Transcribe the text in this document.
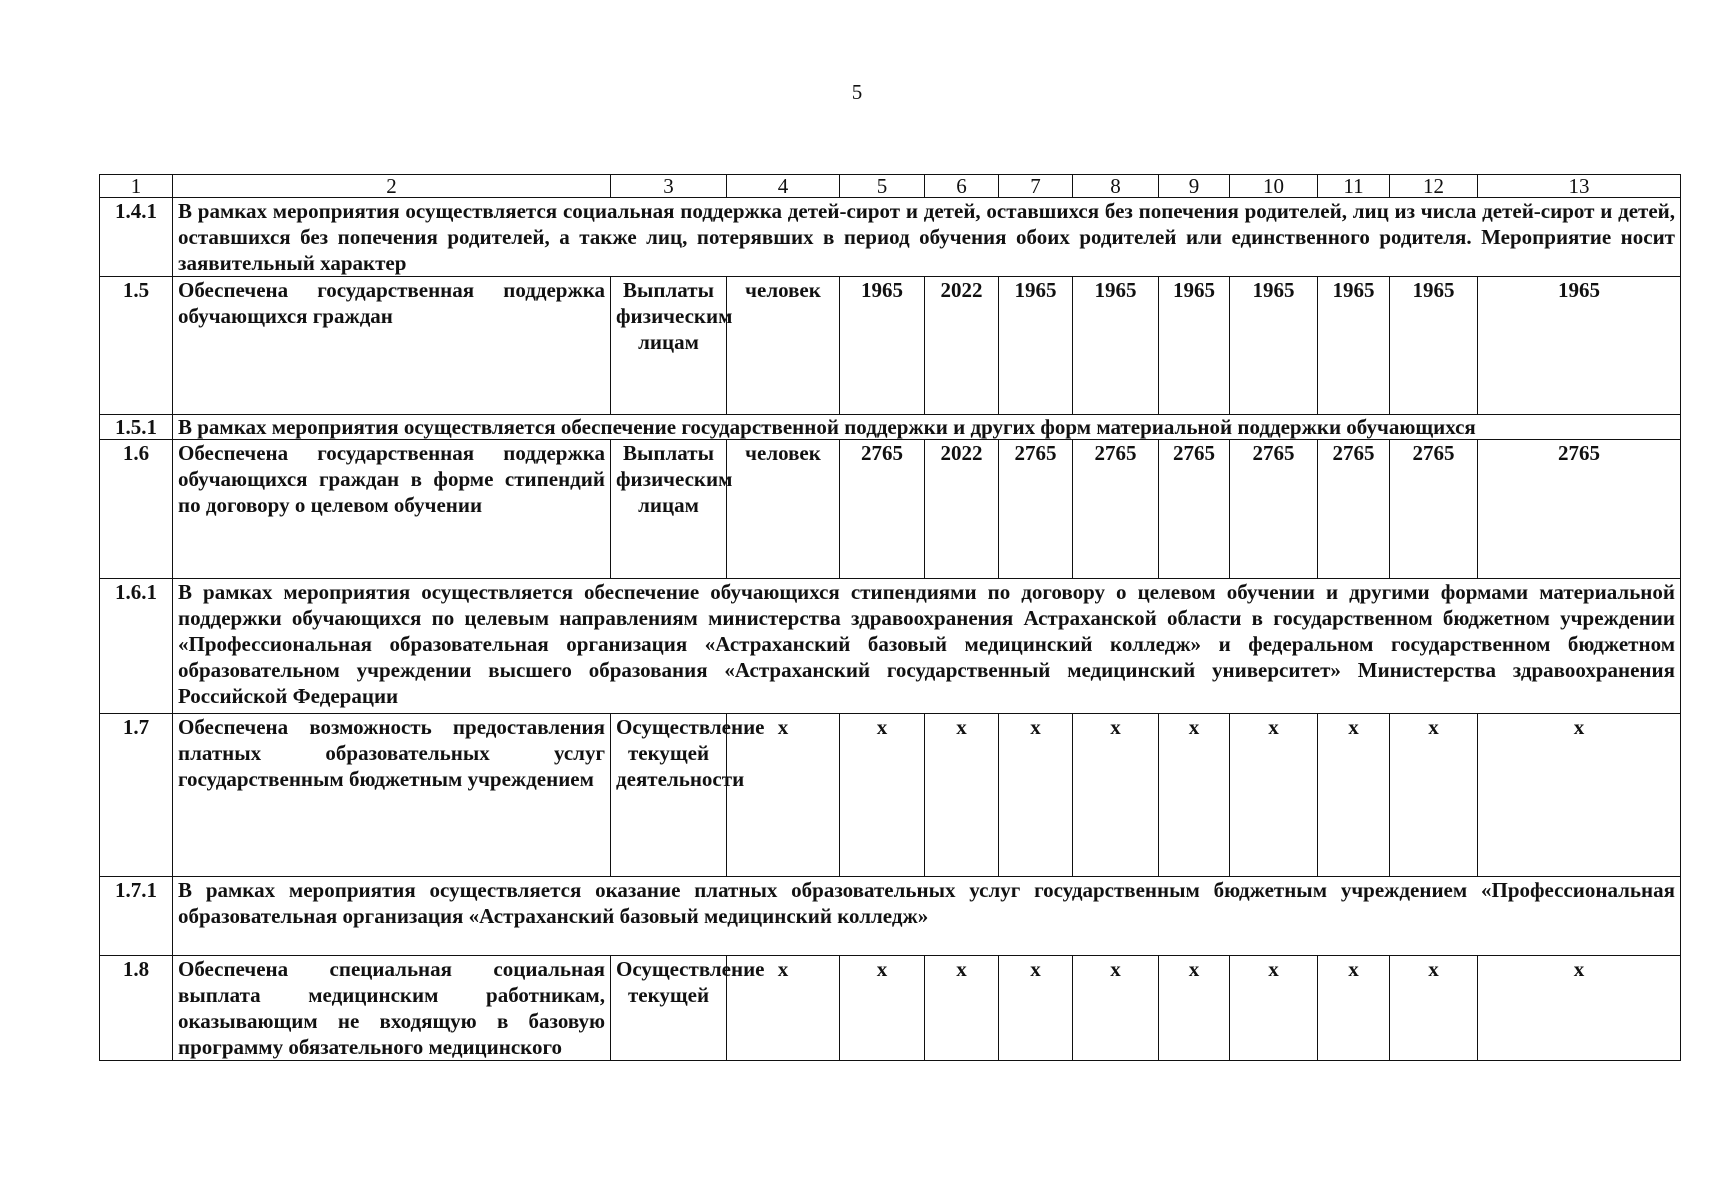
5
1	2	3	4	5	6	7	8	9	10	11	12	13
1.4.1	В рамках мероприятия осуществляется социальная поддержка детей-сирот и детей, оставшихся без попечения родителей, лиц из числа детей-сирот и детей, оставшихся без попечения родителей, а также лиц, потерявших в период обучения обоих родителей или единственного родителя. Мероприятие носит заявительный характер											
1.5	Обеспечена государственная поддержка обучающихся граждан	Выплаты физическим лицам	человек	1965	2022	1965	1965	1965	1965	1965	1965	1965
1.5.1	В рамках мероприятия осуществляется обеспечение государственной поддержки и других форм материальной поддержки обучающихся											
1.6	Обеспечена государственная поддержка обучающихся граждан в форме стипендий по договору о целевом обучении	Выплаты физическим лицам	человек	2765	2022	2765	2765	2765	2765	2765	2765	2765
1.6.1	В рамках мероприятия осуществляется обеспечение обучающихся стипендиями по договору о целевом обучении и другими формами материальной поддержки обучающихся по целевым направлениям министерства здравоохранения Астраханской области в государственном бюджетном учреждении «Профессиональная образовательная организация «Астраханский базовый медицинский колледж» и федеральном государственном бюджетном образовательном учреждении высшего образования «Астраханский государственный медицинский университет» Министерства здравоохранения Российской Федерации											
1.7	Обеспечена возможность предоставления платных образовательных услуг государственным бюджетным учреждением	Осуществление текущей деятельности	х	х	х	х	х	х	х	х	х	х
1.7.1	В рамках мероприятия осуществляется оказание платных образовательных услуг государственным бюджетным учреждением «Профессиональная образовательная организация «Астраханский базовый медицинский колледж»											
1.8	Обеспечена специальная социальная выплата медицинским работникам, оказывающим не входящую в базовую программу обязательного медицинского	Осуществление текущей	х	х	х	х	х	х	х	х	х	х
